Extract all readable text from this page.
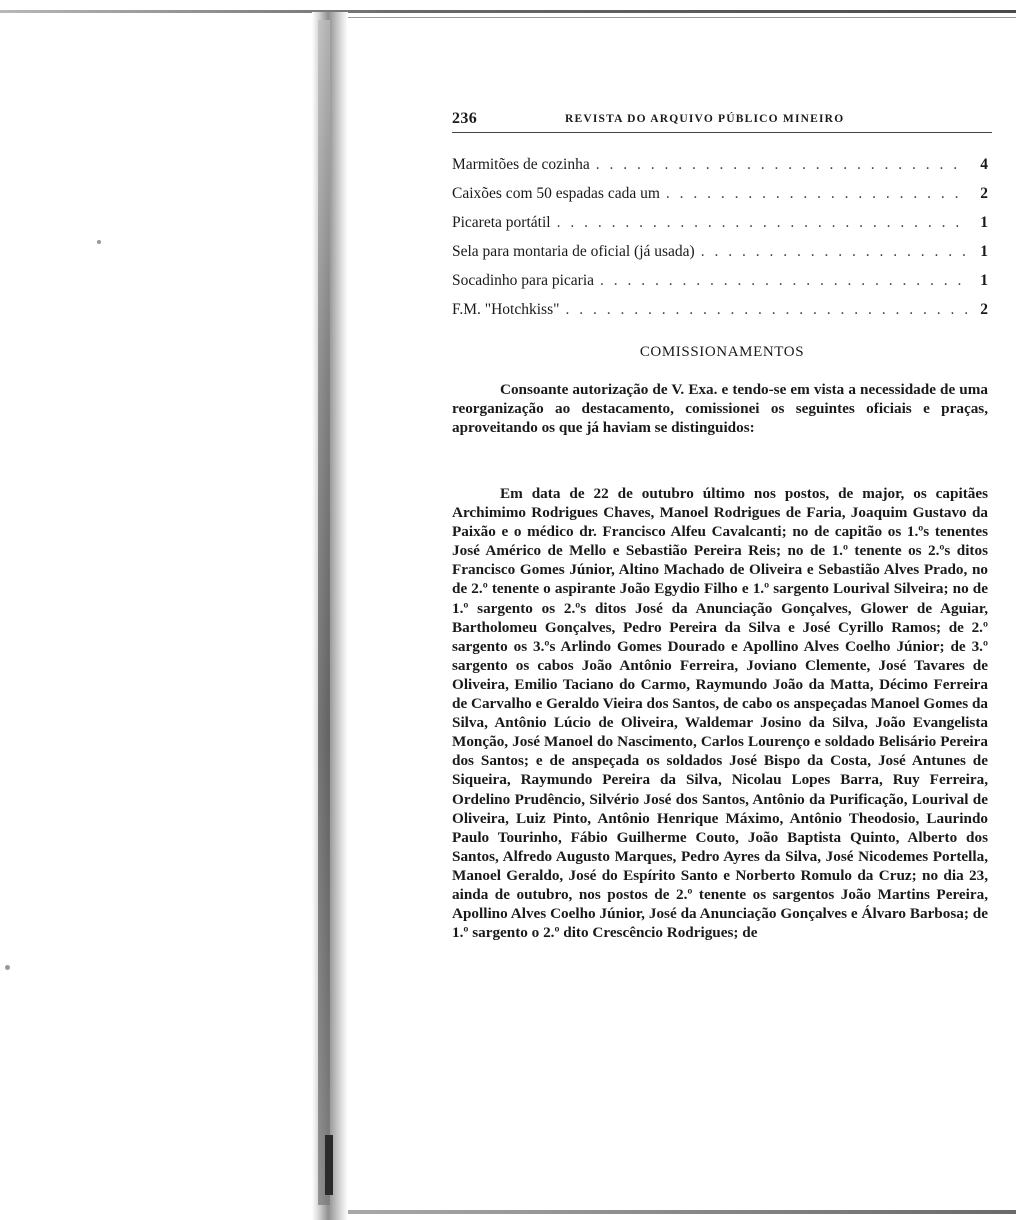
236	REVISTA DO ARQUIVO PÚBLICO MINEIRO
Marmitões de cozinha . . .	4
Caixões com 50 espadas cada um . . .	2
Picareta portátil . . .	1
Sela para montaria de oficial (já usada) . . .	1
Socadinho para picaria . . .	1
F.M. "Hotchkiss" . . .	2
COMISSIONAMENTOS

Consoante autorização de V. Exa. e tendo-se em vista a necessidade de uma reorganização ao destacamento, comissionei os seguintes oficiais e praças, aproveitando os que já haviam se distinguidos:

Em data de 22 de outubro último nos postos, de major, os capitães Archimimo Rodrigues Chaves, Manoel Rodrigues de Faria, Joaquim Gustavo da Paixão e o médico dr. Francisco Alfeu Cavalcanti; no de capitão os 1.ºs tenentes José Américo de Mello e Sebastião Pereira Reis; no de 1.º tenente os 2.ºs ditos Francisco Gomes Júnior, Altino Machado de Oliveira e Sebastião Alves Prado, no de 2.º tenente o aspirante João Egydio Filho e 1.º sargento Lourival Silveira; no de 1.º sargento os 2.ºs ditos José da Anunciação Gonçalves, Glower de Aguiar, Bartholomeu Gonçalves, Pedro Pereira da Silva e José Cyrillo Ramos; de 2.º sargento os 3.ºs Arlindo Gomes Dourado e Apollino Alves Coelho Júnior; de 3.º sargento os cabos João Antônio Ferreira, Joviano Clemente, José Tavares de Oliveira, Emilio Taciano do Carmo, Raymundo João da Matta, Décimo Ferreira de Carvalho e Geraldo Vieira dos Santos, de cabo os anspeçadas Manoel Gomes da Silva, Antônio Lúcio de Oliveira, Waldemar Josino da Silva, João Evangelista Monção, José Manoel do Nascimento, Carlos Lourenço e soldado Belisário Pereira dos Santos; e de anspeçada os soldados José Bispo da Costa, José Antunes de Siqueira, Raymundo Pereira da Silva, Nicolau Lopes Barra, Ruy Ferreira, Ordelino Prudêncio, Silvério José dos Santos, Antônio da Purificação, Lourival de Oliveira, Luiz Pinto, Antônio Henrique Máximo, Antônio Theodosio, Laurindo Paulo Tourinho, Fábio Guilherme Couto, João Baptista Quinto, Alberto dos Santos, Alfredo Augusto Marques, Pedro Ayres da Silva, José Nicodemes Portella, Manoel Geraldo, José do Espírito Santo e Norberto Romulo da Cruz; no dia 23, ainda de outubro, nos postos de 2.º tenente os sargentos João Martins Pereira, Apollino Alves Coelho Júnior, José da Anunciação Gonçalves e Álvaro Barbosa; de 1.º sargento o 2.º dito Crescêncio Rodrigues; de
